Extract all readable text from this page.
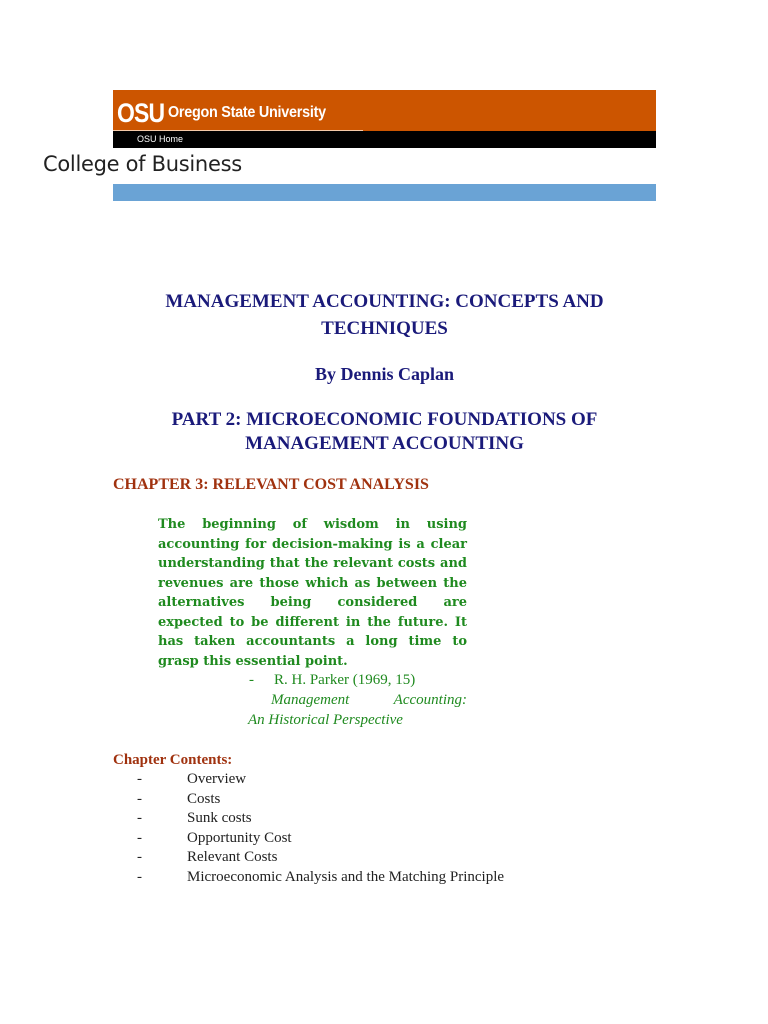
OSU Oregon State University
OSU Home
College of Business
MANAGEMENT ACCOUNTING: CONCEPTS AND TECHNIQUES
By Dennis Caplan
PART 2: MICROECONOMIC FOUNDATIONS OF MANAGEMENT ACCOUNTING
CHAPTER 3: RELEVANT COST ANALYSIS
The beginning of wisdom in using accounting for decision-making is a clear understanding that the relevant costs and revenues are those which as between the alternatives being considered are expected to be different in the future. It has taken accountants a long time to grasp this essential point.
- R. H. Parker (1969, 15)
Management Accounting:
An Historical Perspective
Chapter Contents:
-	Overview
-	Costs
-	Sunk costs
-	Opportunity Cost
-	Relevant Costs
-	Microeconomic Analysis and the Matching Principle
